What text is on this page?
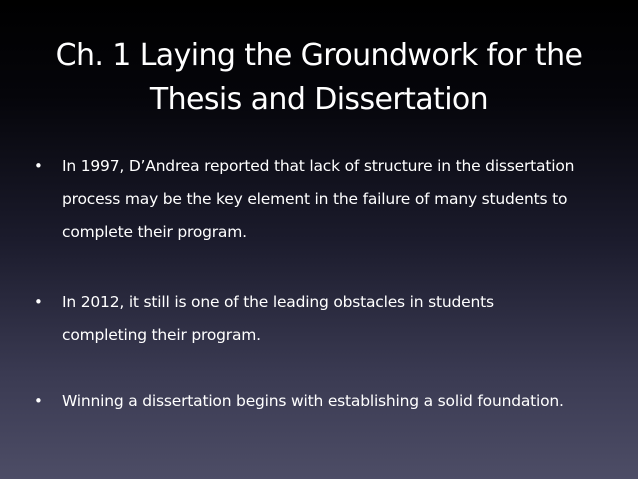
Ch. 1 Laying the Groundwork for the
Thesis and Dissertation
• In 1997, D’Andrea reported that lack of structure in the dissertation
process may be the key element in the failure of many students to
complete their program.
• In 2012, it still is one of the leading obstacles in students
completing their program.
• Winning a dissertation begins with establishing a solid foundation.
